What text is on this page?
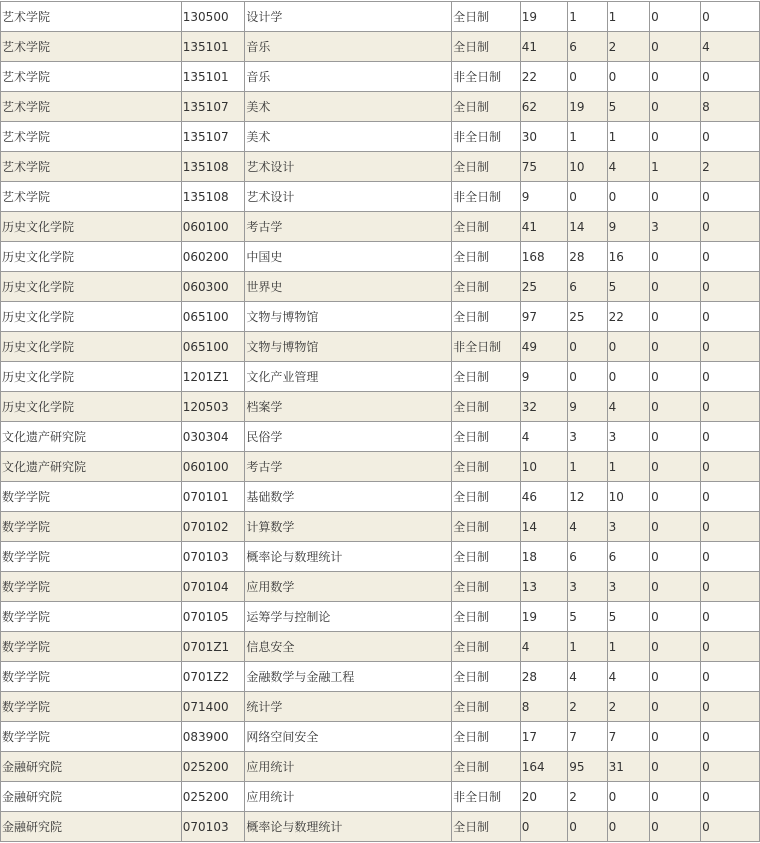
艺术学院	130500	设计学	全日制	19	1	1	0	0
艺术学院	135101	音乐	全日制	41	6	2	0	4
艺术学院	135101	音乐	非全日制	22	0	0	0	0
艺术学院	135107	美术	全日制	62	19	5	0	8
艺术学院	135107	美术	非全日制	30	1	1	0	0
艺术学院	135108	艺术设计	全日制	75	10	4	1	2
艺术学院	135108	艺术设计	非全日制	9	0	0	0	0
历史文化学院	060100	考古学	全日制	41	14	9	3	0
历史文化学院	060200	中国史	全日制	168	28	16	0	0
历史文化学院	060300	世界史	全日制	25	6	5	0	0
历史文化学院	065100	文物与博物馆	全日制	97	25	22	0	0
历史文化学院	065100	文物与博物馆	非全日制	49	0	0	0	0
历史文化学院	1201Z1	文化产业管理	全日制	9	0	0	0	0
历史文化学院	120503	档案学	全日制	32	9	4	0	0
文化遗产研究院	030304	民俗学	全日制	4	3	3	0	0
文化遗产研究院	060100	考古学	全日制	10	1	1	0	0
数学学院	070101	基础数学	全日制	46	12	10	0	0
数学学院	070102	计算数学	全日制	14	4	3	0	0
数学学院	070103	概率论与数理统计	全日制	18	6	6	0	0
数学学院	070104	应用数学	全日制	13	3	3	0	0
数学学院	070105	运筹学与控制论	全日制	19	5	5	0	0
数学学院	0701Z1	信息安全	全日制	4	1	1	0	0
数学学院	0701Z2	金融数学与金融工程	全日制	28	4	4	0	0
数学学院	071400	统计学	全日制	8	2	2	0	0
数学学院	083900	网络空间安全	全日制	17	7	7	0	0
金融研究院	025200	应用统计	全日制	164	95	31	0	0
金融研究院	025200	应用统计	非全日制	20	2	0	0	0
金融研究院	070103	概率论与数理统计	全日制	0	0	0	0	0
